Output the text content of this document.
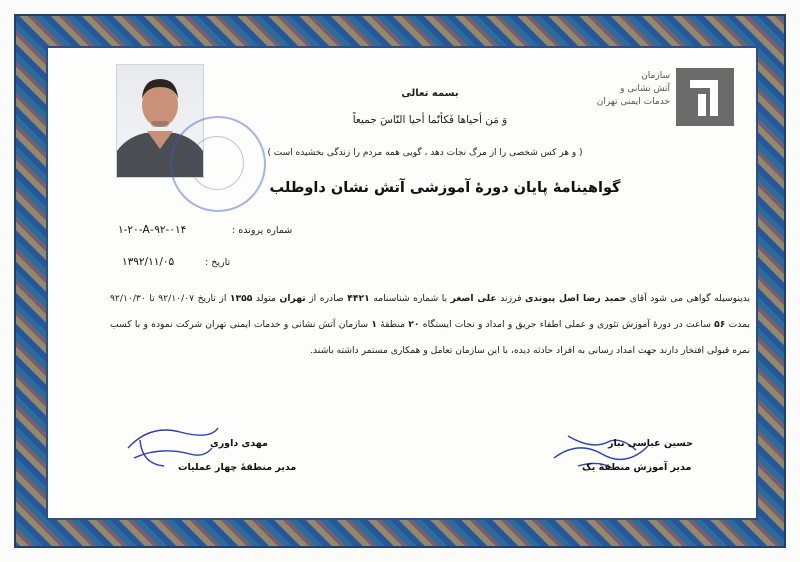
سازمان
آتش نشانی و
خدمات ایمنی تهران
بسمه تعالی
وَ مَن أحیاها فَکأنّما أحیا النّاسَ جمیعاً
( و هر کس شخصی را از مرگ نجات دهد ، گویی همه مردم را زندگی بخشیده است )
گواهینامهٔ پایان دورهٔ آموزشی آتش نشان داوطلب
شماره پرونده :
۱-۲۰-A-۹۲-۰۱۴
تاریخ :
۱۳۹۲/۱۱/۰۵
بدینوسیله گواهی می شود آقای حمید رضا اصل پیوندی فرزند علی اصغر با شماره شناسنامه ۴۴۲۱ صادره از تهران متولد ۱۳۵۵ از تاریخ ۹۲/۱۰/۰۷ تا ۹۲/۱۰/۳۰ بمدت ۵۶ ساعت در دورهٔ آموزش تئوری و عملی اطفاء حریق و امداد و نجات ایستگاه ۲۰ منطقهٔ ۱ سازمان آتش نشانی و خدمات ایمنی تهران شرکت نموده و با کسب نمره قبولی افتخار دارند جهت امداد رسانی به افراد حادثه دیده، با این سازمان تعامل و همکاری مستمر داشته باشند.
مهدی داوری
مدیر منطقهٔ چهار عملیات
حسین عباسی تبار
مدیر آموزش منطقهٔ یک
